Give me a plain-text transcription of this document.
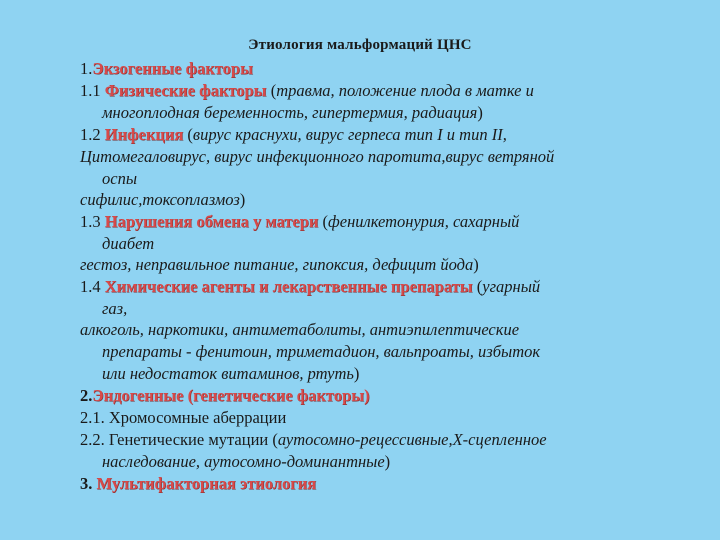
Этиология мальформаций ЦНС
1.Экзогенные факторы
1.1 Физические факторы (травма, положение плода в матке и
многоплодная беременность, гипертермия, радиация)
1.2 Инфекция (вирус краснухи, вирус герпеса тип I и тип II,
Цитомегаловирус, вирус инфекционного паротита,вирус ветряной
оспы
сифилис,токсоплазмоз)
1.3 Нарушения обмена у матери (фенилкетонурия, сахарный
диабет
гестоз, неправильное питание, гипоксия, дефицит йода)
1.4 Химические агенты и лекарственные препараты (угарный
газ,
алкоголь, наркотики, антиметаболиты, антиэпилептические
препараты - фенитоин, триметадион, вальпроаты, избыток
или недостаток витаминов, ртуть)
2.Эндогенные (генетические факторы)
2.1. Хромосомные аберрации
2.2. Генетические мутации (аутосомно-рецессивные,Х-сцепленное
наследование, аутосомно-доминантные)
3. Мультифакторная этиология
